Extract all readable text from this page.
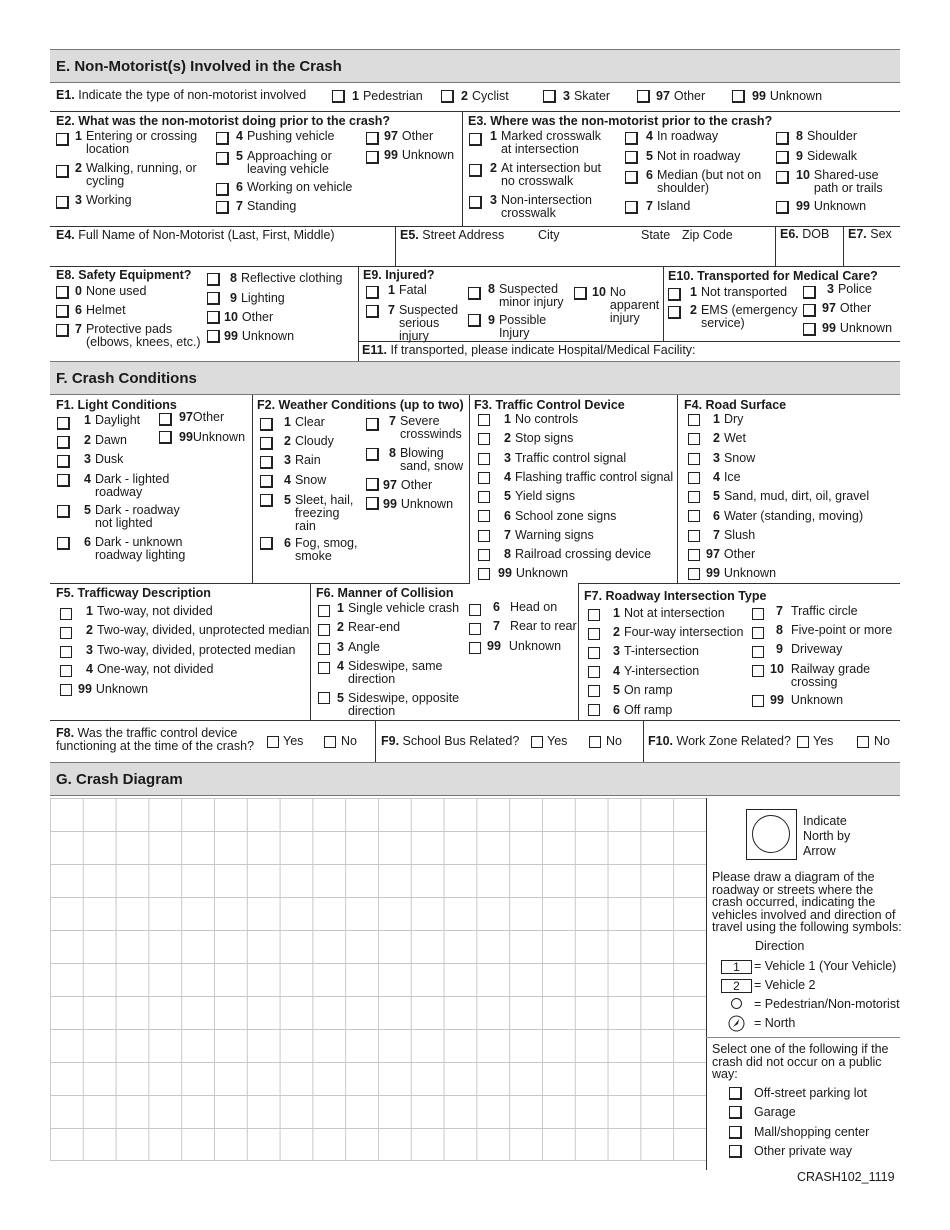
E. Non-Motorist(s) Involved in the Crash
E1. Indicate the type of non-motorist involved	1 Pedestrian	2 Cyclist	3 Skater	97 Other	99 Unknown
E2. What was the non-motorist doing prior to the crash?
1 Entering or crossing
location
2 Walking, running, or
cycling
3 Working
4 Pushing vehicle
5 Approaching or
leaving vehicle
6 Working on vehicle
7 Standing
97 Other
99 Unknown
E3. Where was the non-motorist prior to the crash?
1 Marked crosswalk
at intersection
2 At intersection but
no crosswalk
3 Non-intersection
crosswalk
4 In roadway
5 Not in roadway
6 Median (but not on
shoulder)
7 Island
8 Shoulder
9 Sidewalk
10 Shared-use
path or trails
99 Unknown
E4. Full Name of Non-Motorist (Last, First, Middle)	E5. Street Address	City	State Zip Code	E6. DOB E7. Sex
E8. Safety Equipment?
0 None used
6 Helmet
7 Protective pads
(elbows, knees, etc.)
8 Reflective clothing
9 Lighting
10 Other
99 Unknown
E9. Injured?
1 Fatal
7 Suspected
serious
injury
8 Suspected
minor injury
9 Possible
Injury
10 No
apparent
injury
E10. Transported for Medical Care?
1 Not transported
2 EMS (emergency
service)
3 Police
97 Other
99 Unknown
E11. If transported, please indicate Hospital/Medical Facility:
F. Crash Conditions
F1. Light Conditions
1 Daylight
2 Dawn
3 Dusk
4 Dark - lighted
roadway
5 Dark - roadway
not lighted
6 Dark - unknown
roadway lighting
97Other
99Unknown
F2. Weather Conditions (up to two)
1 Clear
2 Cloudy
3 Rain
4 Snow
5 Sleet, hail,
freezing
rain
6 Fog, smog,
smoke
7 Severe
crosswinds
8 Blowing
sand, snow
97 Other
99 Unknown
F3. Traffic Control Device
1 No controls
2 Stop signs
3 Traffic control signal
4 Flashing traffic control signal
5 Yield signs
6 School zone signs
7 Warning signs
8 Railroad crossing device
99 Unknown
F4. Road Surface
1 Dry
2 Wet
3 Snow
4 Ice
5 Sand, mud, dirt, oil, gravel
6 Water (standing, moving)
7 Slush
97 Other
99 Unknown
F5. Trafficway Description
1 Two-way, not divided
2 Two-way, divided, unprotected median
3 Two-way, divided, protected median
4 One-way, not divided
99 Unknown
F6. Manner of Collision
1 Single vehicle crash
2 Rear-end
3 Angle
4 Sideswipe, same
direction
5 Sideswipe, opposite
direction
6 Head on
7 Rear to rear
99 Unknown
F7. Roadway Intersection Type
1 Not at intersection
2 Four-way intersection
3 T-intersection
4 Y-intersection
5 On ramp
6 Off ramp
7 Traffic circle
8 Five-point or more
9 Driveway
10 Railway grade
crossing
99 Unknown
F8. Was the traffic control device
functioning at the time of the crash? Yes	No F9. School Bus Related? Yes	No F10. Work Zone Related? Yes	No
G. Crash Diagram
Indicate
North by
Arrow
Please draw a diagram of the
roadway or streets where the
crash occurred, indicating the
vehicles involved and direction of
travel using the following symbols:
Direction
1	= Vehicle 1 (Your Vehicle)
2	= Vehicle 2
= Pedestrian/Non-motorist
= North
Select one of the following if the
crash did not occur on a public
way:
Off-street parking lot
Garage
Mall/shopping center
Other private way
CRASH102_1119
